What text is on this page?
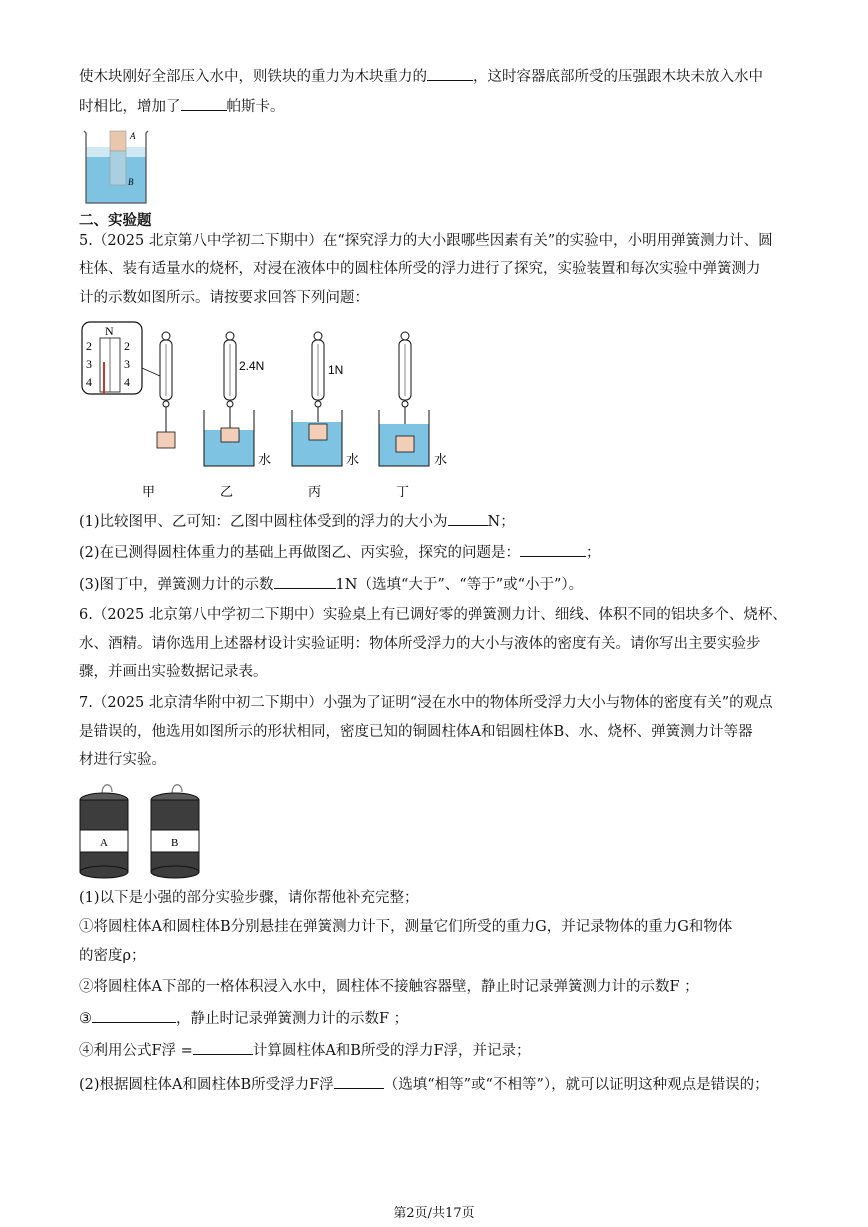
使木块刚好全部压入水中，则铁块的重力为木块重力的	，这时容器底部所受的压强跟木块未放入水中
时相比，增加了	帕斯卡。
A
B
二、实验题
5.（2025 北京第八中学初二下期中）在“探究浮力的大小跟哪些因素有关”的实验中，小明用弹簧测力计、圆
柱体、装有适量水的烧杯，对浸在液体中的圆柱体所受的浮力进行了探究，实验装置和每次实验中弹簧测力
计的示数如图所示。请按要求回答下列问题：
N
2
3
4
2
3
4
2.4N
水
1N
水	水
甲	乙	丙	丁
(1)比较图甲、乙可知：乙图中圆柱体受到的浮力的大小为	N；
(2)在已测得圆柱体重力的基础上再做图乙、丙实验，探究的问题是：	；
(3)图丁中，弹簧测力计的示数	1N（选填“大于”、“等于”或“小于”）。
6.（2025 北京第八中学初二下期中）实验桌上有已调好零的弹簧测力计、细线、体积不同的铝块多个、烧杯、
水、酒精。请你选用上述器材设计实验证明：物体所受浮力的大小与液体的密度有关。请你写出主要实验步
骤，并画出实验数据记录表。
7.（2025 北京清华附中初二下期中）小强为了证明“浸在水中的物体所受浮力大小与物体的密度有关”的观点
是错误的，他选用如图所示的形状相同，密度已知的铜圆柱体A和铝圆柱体B、水、烧杯、弹簧测力计等器
材进行实验。
A	B
(1)以下是小强的部分实验步骤，请你帮他补充完整；
①将圆柱体A和圆柱体B分别悬挂在弹簧测力计下，测量它们所受的重力G，并记录物体的重力G和物体
的密度ρ；
②将圆柱体A下部的一格体积浸入水中，圆柱体不接触容器壁，静止时记录弹簧测力计的示数F ；
③	，静止时记录弹簧测力计的示数F ；
④利用公式F浮 =	计算圆柱体A和B所受的浮力F浮，并记录；
(2)根据圆柱体A和圆柱体B所受浮力F浮	（选填“相等”或“不相等”），就可以证明这种观点是错误的；
第2页/共17页
